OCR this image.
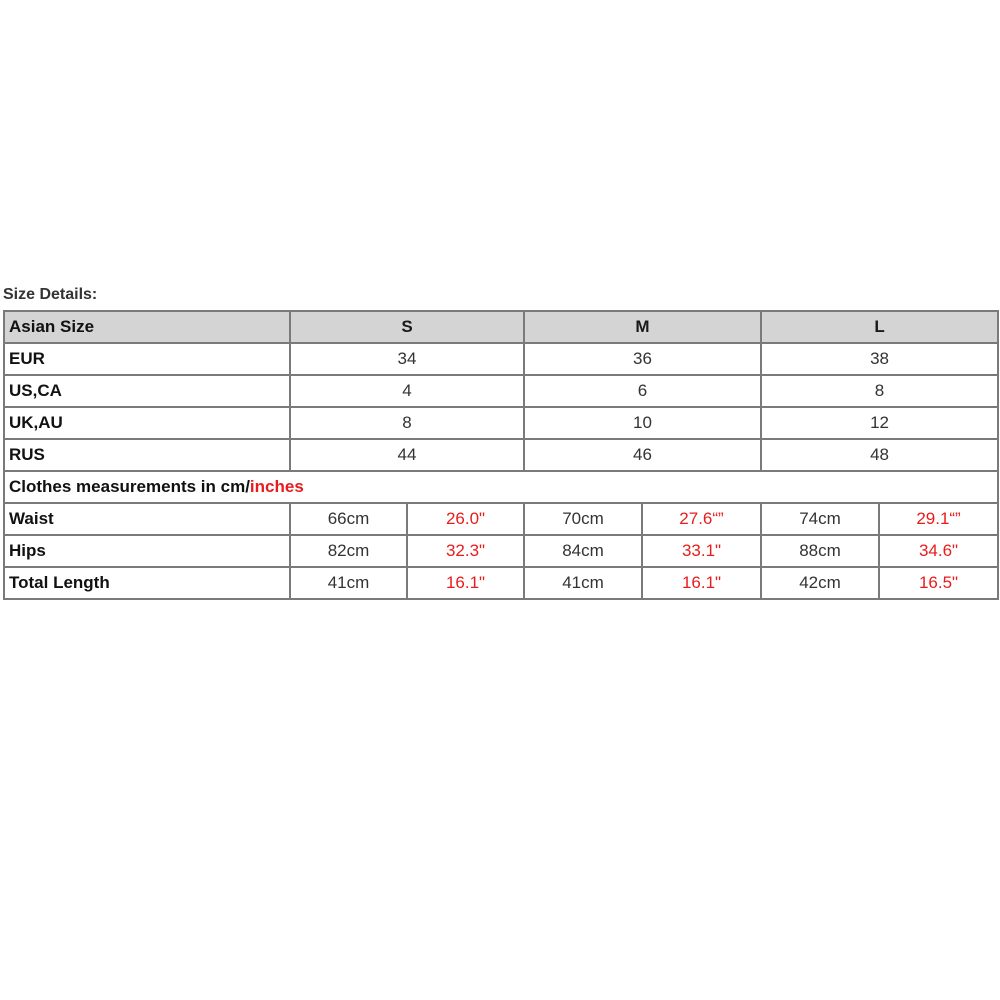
Size Details:
Asian Size	S		M		L	
EUR	34		36		38	
US,CA	4		6		8	
UK,AU	8		10		12	
RUS	44		46		48	
Clothes measurements in cm/inches						
Waist	66cm	26.0"	70cm	27.6“”	74cm	29.1“”
Hips	82cm	32.3"	84cm	33.1"	88cm	34.6"
Total Length	41cm	16.1"	41cm	16.1"	42cm	16.5"
